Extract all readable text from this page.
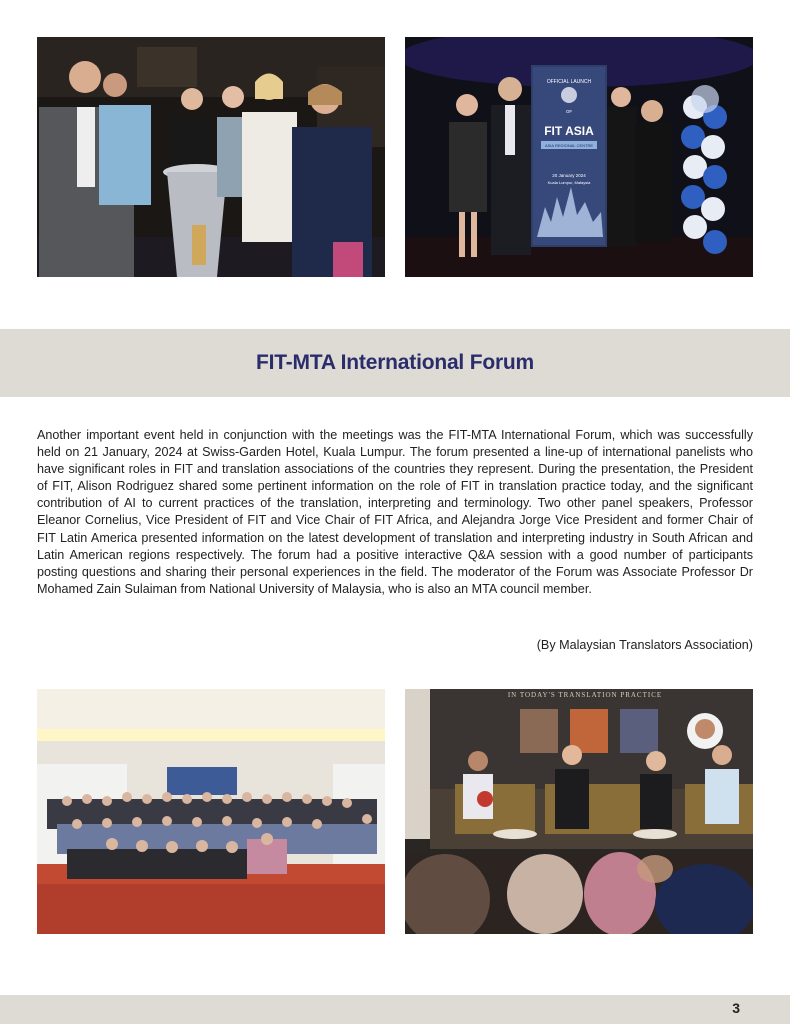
OFFICIAL LAUNCH
OF
FIT ASIA
ASIA REGIONAL CENTRE
20 January 2024
Kuala Lumpur, Malaysia
FIT-MTA International Forum

Another important event held in conjunction with the meetings was the FIT-MTA International Forum, which was successfully held on 21 January, 2024 at Swiss-Garden Hotel, Kuala Lumpur. The forum presented a line-up of international panelists who have significant roles in FIT and translation associations of the countries they represent. During the presentation, the President of FIT, Alison Rodriguez shared some pertinent information on the role of FIT in translation practice today, and the significant contribution of AI to current practices of the translation, interpreting and terminology. Two other panel speakers, Professor Eleanor Cornelius, Vice President of FIT and Vice Chair of FIT Africa, and Alejandra Jorge Vice President and former Chair of FIT Latin America presented information on the latest development of translation and interpreting industry in South African and Latin American regions respectively. The forum had a positive interactive Q&A session with a good number of participants posting questions and sharing their personal experiences in the field. The moderator of the Forum was Associate Professor Dr Mohamed Zain Sulaiman from National University of Malaysia, who is also an MTA council member.

(By Malaysian Translators Association)

IN TODAY'S TRANSLATION PRACTICE
3
